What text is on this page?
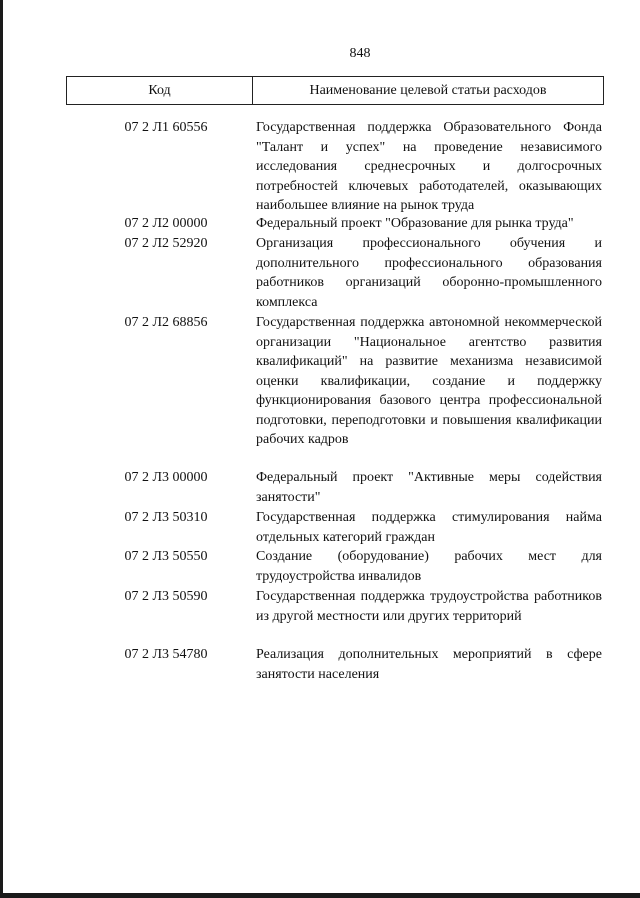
848
Код	Наименование целевой статьи расходов
07 2 Л1 60556	Государственная поддержка Образовательного Фонда "Талант и успех" на проведение независимого исследования среднесрочных и долгосрочных потребностей ключевых работодателей, оказывающих наибольшее влияние на рынок труда
07 2 Л2 00000	Федеральный проект "Образование для рынка труда"
07 2 Л2 52920	Организация профессионального обучения и дополнительного профессионального образования работников организаций оборонно-промышленного комплекса
07 2 Л2 68856	Государственная поддержка автономной некоммерческой организации "Национальное агентство развития квалификаций" на развитие механизма независимой оценки квалификации, создание и поддержку функционирования базового центра профессиональной подготовки, переподготовки и повышения квалификации рабочих кадров
07 2 Л3 00000	Федеральный проект "Активные меры содействия занятости"
07 2 Л3 50310	Государственная поддержка стимулирования найма отдельных категорий граждан
07 2 Л3 50550	Создание (оборудование) рабочих мест для трудоустройства инвалидов
07 2 Л3 50590	Государственная поддержка трудоустройства работников из другой местности или других территорий
07 2 Л3 54780	Реализация дополнительных мероприятий в сфере занятости населения
